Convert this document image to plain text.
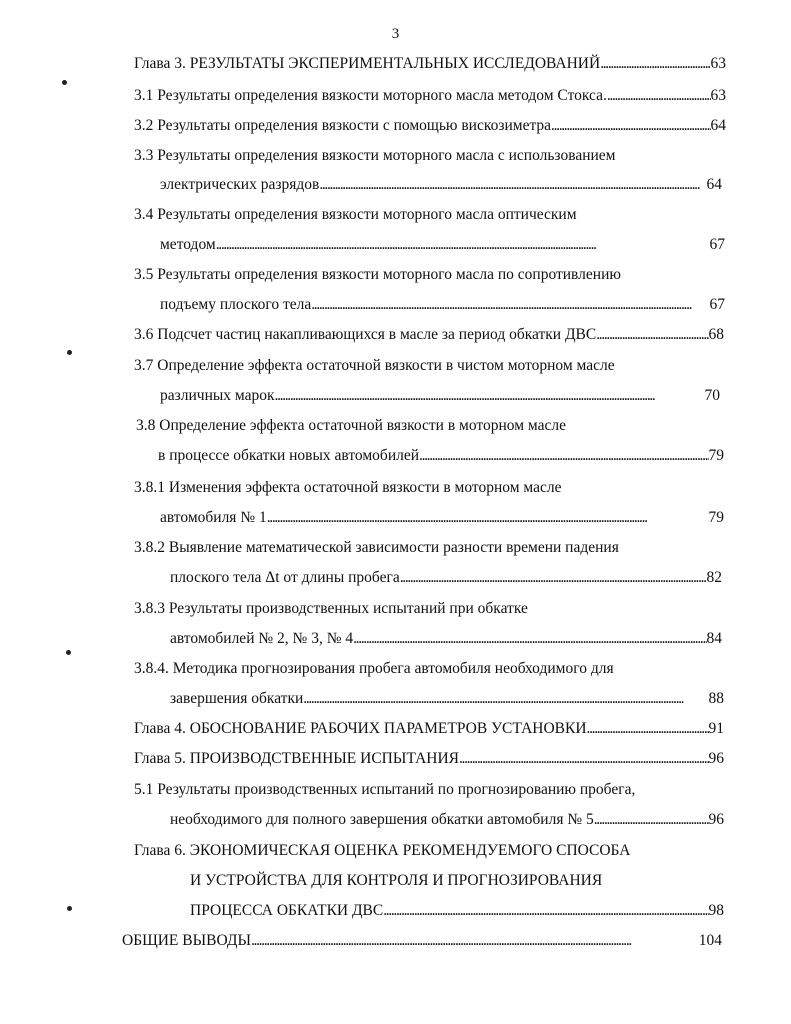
3
Глава 3. РЕЗУЛЬТАТЫ ЭКСПЕРИМЕНТАЛЬНЫХ ИССЛЕДОВАНИЙ . . .	63
3.1 Результаты определения вязкости моторного масла методом Стокса. . . .	63
3.2 Результаты определения вязкости с помощью вискозиметра . . .	64
3.3 Результаты определения вязкости моторного масла с использованием
электрических разрядов . . .	64
3.4 Результаты определения вязкости моторного масла оптическим
методом . . .	67
3.5 Результаты определения вязкости моторного масла по сопротивлению
подъему плоского тела . . .	67
3.6 Подсчет частиц накапливающихся в масле за период обкатки ДВС . . .	68
3.7 Определение эффекта остаточной вязкости в чистом моторном масле
различных марок . . .	70
3.8 Определение эффекта остаточной вязкости в моторном масле
в процессе обкатки новых автомобилей . . .	79
3.8.1 Изменения эффекта остаточной вязкости в моторном масле
автомобиля № 1 . . .	79
3.8.2 Выявление математической зависимости разности времени падения
плоского тела Δt от длины пробега . . .	82
3.8.3 Результаты производственных испытаний при обкатке
автомобилей № 2, № 3, № 4 . . .	84
3.8.4. Методика прогнозирования пробега автомобиля необходимого для
завершения обкатки . . .	88
Глава 4. ОБОСНОВАНИЕ РАБОЧИХ ПАРАМЕТРОВ УСТАНОВКИ . . .	91
Глава 5. ПРОИЗВОДСТВЕННЫЕ ИСПЫТАНИЯ . . .	96
5.1 Результаты производственных испытаний по прогнозированию пробега,
необходимого для полного завершения обкатки автомобиля № 5 . . .	96
Глава 6. ЭКОНОМИЧЕСКАЯ ОЦЕНКА РЕКОМЕНДУЕМОГО СПОСОБА
И УСТРОЙСТВА ДЛЯ КОНТРОЛЯ И ПРОГНОЗИРОВАНИЯ
ПРОЦЕССА ОБКАТКИ ДВС . . .	98
ОБЩИЕ ВЫВОДЫ . . .	104
